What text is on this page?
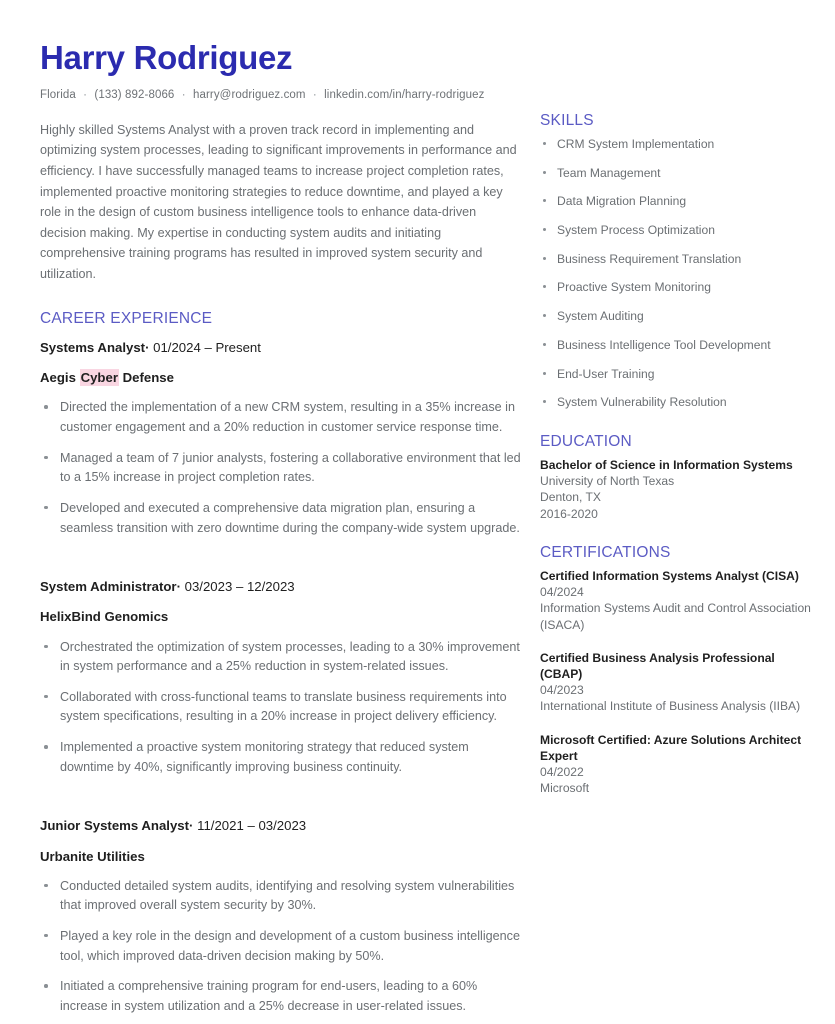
Harry Rodriguez
Florida · (133) 892-8066 · harry@rodriguez.com · linkedin.com/in/harry-rodriguez

Highly skilled Systems Analyst with a proven track record in implementing and optimizing system processes, leading to significant improvements in performance and efficiency. I have successfully managed teams to increase project completion rates, implemented proactive monitoring strategies to reduce downtime, and played a key role in the design of custom business intelligence tools to enhance data-driven decision making. My expertise in conducting system audits and initiating comprehensive training programs has resulted in improved system security and utilization.

CAREER EXPERIENCE
Systems Analyst· 01/2024 – Present
Aegis Cyber Defense
Directed the implementation of a new CRM system, resulting in a 35% increase in customer engagement and a 20% reduction in customer service response time.
Managed a team of 7 junior analysts, fostering a collaborative environment that led to a 15% increase in project completion rates.
Developed and executed a comprehensive data migration plan, ensuring a seamless transition with zero downtime during the company-wide system upgrade.
System Administrator· 03/2023 – 12/2023
HelixBind Genomics
Orchestrated the optimization of system processes, leading to a 30% improvement in system performance and a 25% reduction in system-related issues.
Collaborated with cross-functional teams to translate business requirements into system specifications, resulting in a 20% increase in project delivery efficiency.
Implemented a proactive system monitoring strategy that reduced system downtime by 40%, significantly improving business continuity.
Junior Systems Analyst· 11/2021 – 03/2023
Urbanite Utilities
Conducted detailed system audits, identifying and resolving system vulnerabilities that improved overall system security by 30%.
Played a key role in the design and development of a custom business intelligence tool, which improved data-driven decision making by 50%.
Initiated a comprehensive training program for end-users, leading to a 60% increase in system utilization and a 25% decrease in user-related issues.
SKILLS
CRM System Implementation
Team Management
Data Migration Planning
System Process Optimization
Business Requirement Translation
Proactive System Monitoring
System Auditing
Business Intelligence Tool Development
End-User Training
System Vulnerability Resolution
EDUCATION
Bachelor of Science in Information Systems
University of North Texas
Denton, TX
2016-2020
CERTIFICATIONS
Certified Information Systems Analyst (CISA)
04/2024
Information Systems Audit and Control Association (ISACA)
Certified Business Analysis Professional (CBAP)
04/2023
International Institute of Business Analysis (IIBA)
Microsoft Certified: Azure Solutions Architect Expert
04/2022
Microsoft
